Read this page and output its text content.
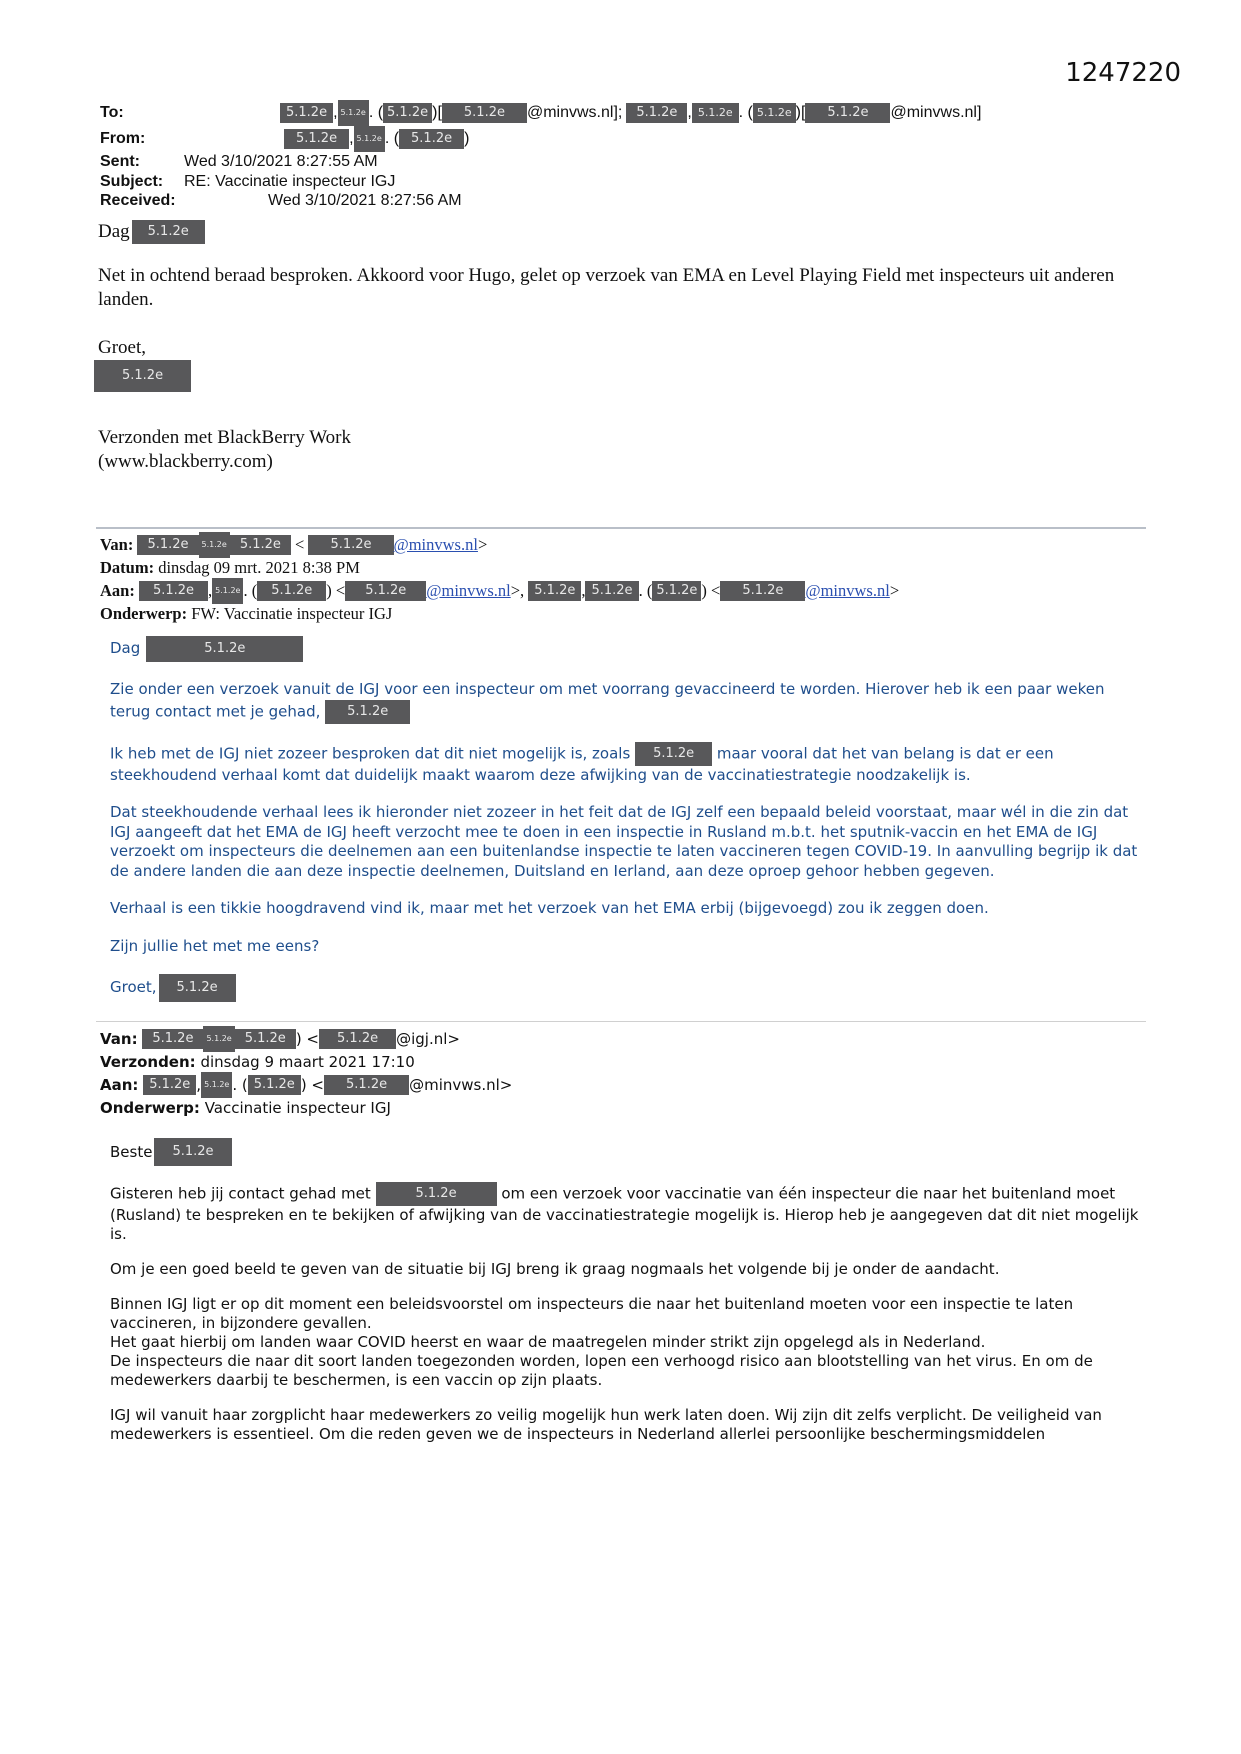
1247220
To:	5.1.2e , 5.1.2e . ( 5.1.2e )[	5.1.2e	@minvws.nl];	5.1.2e , 5.1.2e . ( 5.1.2e )[	5.1.2e	@minvws.nl]
From:	5.1.2e , 5.1.2e . ( 5.1.2e )
Sent:	Wed 3/10/2021 8:27:55 AM
Subject:	RE: Vaccinatie inspecteur IGJ
Received:	Wed 3/10/2021 8:27:56 AM

Dag	5.1.2e

Net in ochtend beraad besproken. Akkoord voor Hugo, gelet op verzoek van EMA en Level Playing Field met inspecteurs uit anderen landen.

Groet,

5.1.2e

Verzonden met BlackBerry Work

(www.blackberry.com)

Van:
	5.1.2e	5.1.2e	5.1.2e <	5.1.2e	@minvws.nl >
Datum:
dinsdag 09 mrt. 2021 8:38 PM
Aan:
	5.1.2e , 5.1.2e . (	5.1.2e ) <	5.1.2e	@minvws.nl >, 5.1.2e , 5.1.2e . ( 5.1.2e ) <	5.1.2e	@minvws.nl >
Onderwerp:
FW: Vaccinatie inspecteur IGJ

Dag	5.1.2e

Zie onder een verzoek vanuit de IGJ voor een inspecteur om met voorrang gevaccineerd te worden. Hierover heb ik een paar weken terug contact met je gehad, 5.1.2e

Ik heb met de IGJ niet zozeer besproken dat dit niet mogelijk is, zoals 5.1.2e maar vooral dat het van belang is dat er een steekhoudend verhaal komt dat duidelijk maakt waarom deze afwijking van de vaccinatiestrategie noodzakelijk is.

Dat steekhoudende verhaal lees ik hieronder niet zozeer in het feit dat de IGJ zelf een bepaald beleid voorstaat, maar wél in die zin dat IGJ aangeeft dat het EMA de IGJ heeft verzocht mee te doen in een inspectie in Rusland m.b.t. het sputnik-vaccin en het EMA de IGJ verzoekt om inspecteurs die deelnemen aan een buitenlandse inspectie te laten vaccineren tegen COVID-19. In aanvulling begrijp ik dat de andere landen die aan deze inspectie deelnemen, Duitsland en Ierland, aan deze oproep gehoor hebben gegeven.

Verhaal is een tikkie hoogdravend vind ik, maar met het verzoek van het EMA erbij (bijgevoegd) zou ik zeggen doen.

Zijn jullie het met me eens?

Groet,	5.1.2e

Van:
	5.1.2e	5.1.2e	5.1.2e ) <	5.1.2e	@igj.nl>
Verzonden:
dinsdag 9 maart 2021 17:10
Aan:
5.1.2e , 5.1.2e . ( 5.1.2e ) <	5.1.2e	@minvws.nl>
Onderwerp:
Vaccinatie inspecteur IGJ

Beste	5.1.2e

Gisteren heb jij contact gehad met	5.1.2e	om een verzoek voor vaccinatie van één inspecteur die naar het buitenland moet (Rusland) te bespreken en te bekijken of afwijking van de vaccinatiestrategie mogelijk is. Hierop heb je aangegeven dat dit niet mogelijk is.

Om je een goed beeld te geven van de situatie bij IGJ breng ik graag nogmaals het volgende bij je onder de aandacht.

Binnen IGJ ligt er op dit moment een beleidsvoorstel om inspecteurs die naar het buitenland moeten voor een inspectie te laten vaccineren, in bijzondere gevallen.

Het gaat hierbij om landen waar COVID heerst en waar de maatregelen minder strikt zijn opgelegd als in Nederland.

De inspecteurs die naar dit soort landen toegezonden worden, lopen een verhoogd risico aan blootstelling van het virus. En om de medewerkers daarbij te beschermen, is een vaccin op zijn plaats.

IGJ wil vanuit haar zorgplicht haar medewerkers zo veilig mogelijk hun werk laten doen. Wij zijn dit zelfs verplicht. De veiligheid van medewerkers is essentieel. Om die reden geven we de inspecteurs in Nederland allerlei persoonlijke beschermingsmiddelen
